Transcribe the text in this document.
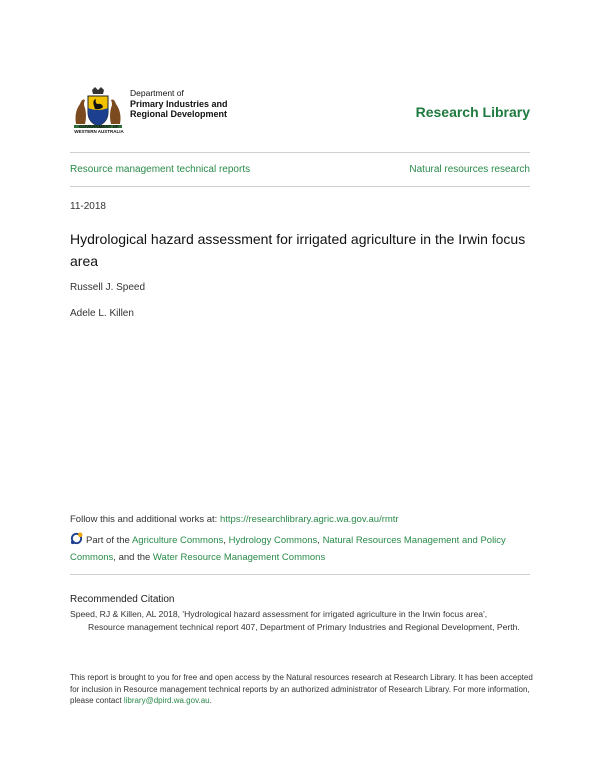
GOVERNMENT OF
WESTERN AUSTRALIA
Department of
Primary Industries and
Regional Development	Research Library
Resource management technical reports	Natural resources research
11-2018
Hydrological hazard assessment for irrigated agriculture in the Irwin focus area
Russell J. Speed
Adele L. Killen
Follow this and additional works at: https://researchlibrary.agric.wa.gov.au/rmtr
Part of the Agriculture Commons, Hydrology Commons, Natural Resources Management and Policy Commons, and the Water Resource Management Commons
Recommended Citation
Speed, RJ & Killen, AL 2018, 'Hydrological hazard assessment for irrigated agriculture in the Irwin focus area',
Resource management technical report 407, Department of Primary Industries and Regional Development, Perth.
This report is brought to you for free and open access by the Natural resources research at Research Library. It has been accepted for inclusion in Resource management technical reports by an authorized administrator of Research Library. For more information, please contact library@dpird.wa.gov.au.
